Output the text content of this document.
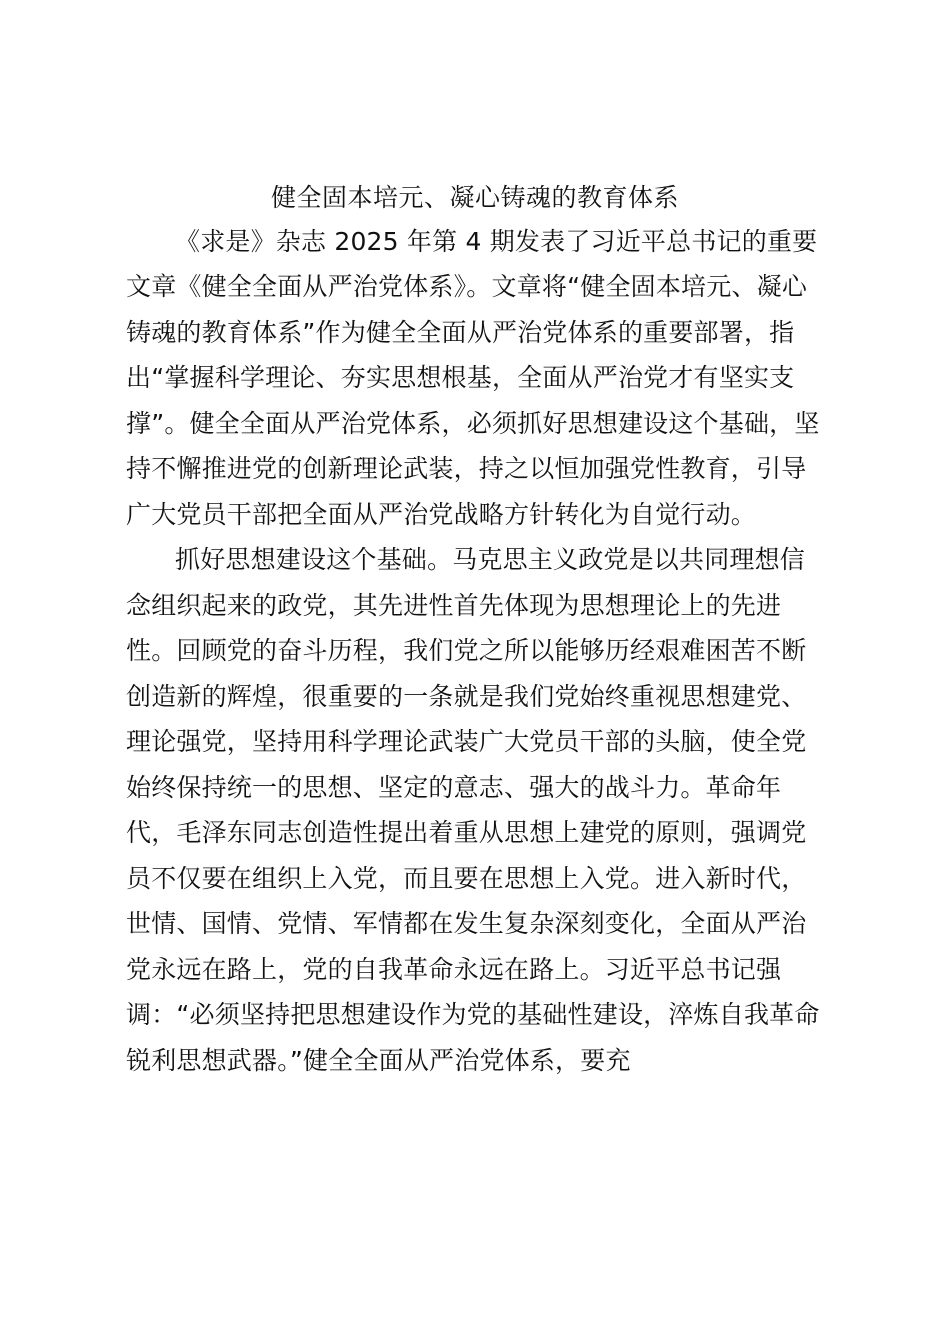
健全固本培元、凝心铸魂的教育体系
《求是》杂志 2025 年第 4 期发表了习近平总书记的重要
文章《健全全面从严治党体系》。文章将“健全固本培元、凝心
铸魂的教育体系”作为健全全面从严治党体系的重要部署，指
出“掌握科学理论、夯实思想根基，全面从严治党才有坚实支
撑”。健全全面从严治党体系，必须抓好思想建设这个基础，坚
持不懈推进党的创新理论武装，持之以恒加强党性教育，引导
广大党员干部把全面从严治党战略方针转化为自觉行动。
抓好思想建设这个基础。马克思主义政党是以共同理想信
念组织起来的政党，其先进性首先体现为思想理论上的先进
性。回顾党的奋斗历程，我们党之所以能够历经艰难困苦不断
创造新的辉煌，很重要的一条就是我们党始终重视思想建党、
理论强党，坚持用科学理论武装广大党员干部的头脑，使全党
始终保持统一的思想、坚定的意志、强大的战斗力。革命年
代，毛泽东同志创造性提出着重从思想上建党的原则，强调党
员不仅要在组织上入党，而且要在思想上入党。进入新时代，
世情、国情、党情、军情都在发生复杂深刻变化，全面从严治
党永远在路上，党的自我革命永远在路上。习近平总书记强
调：“必须坚持把思想建设作为党的基础性建设，淬炼自我革命
锐利思想武器。”健全全面从严治党体系，要充
